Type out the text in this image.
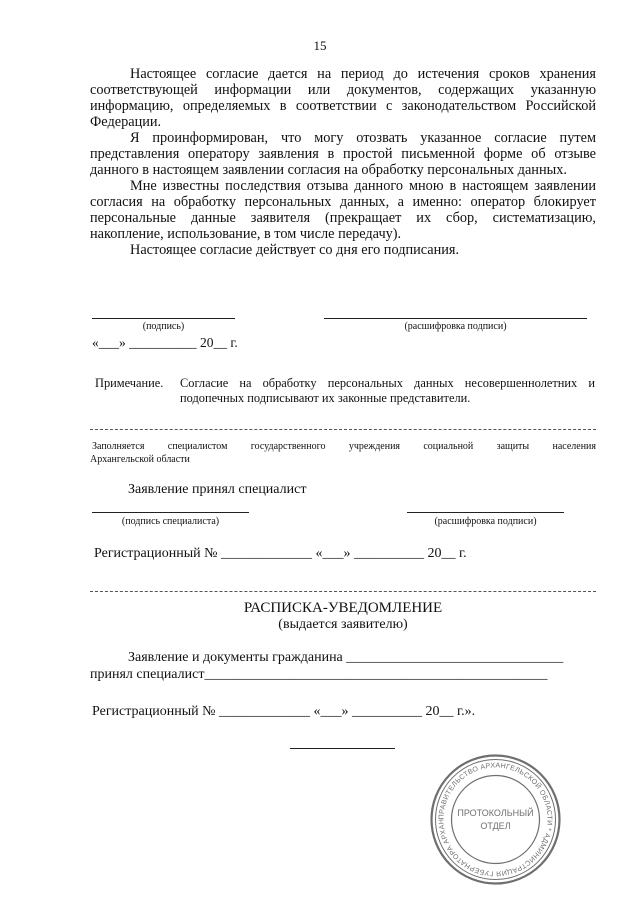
15

Настоящее согласие дается на период до истечения сроков хранения соответствующей информации или документов, содержащих указанную информацию, определяемых в соответствии с законодательством Российской Федерации.

Я проинформирован, что могу отозвать указанное согласие путем представления оператору заявления в простой письменной форме об отзыве данного в настоящем заявлении согласия на обработку персональных данных.

Мне известны последствия отзыва данного мною в настоящем заявлении согласия на обработку персональных данных, а именно: оператор блокирует персональные данные заявителя (прекращает их сбор, систематизацию, накопление, использование, в том числе передачу).

Настоящее согласие действует со дня его подписания.

(подпись)	(расшифровка подписи)
«___» __________ 20__ г.
Примечание.	Согласие на обработку персональных данных несовершеннолетних и подопечных подписывают их законные представители.
Заполняется специалистом государственного учреждения социальной защиты населения
Архангельской области
Заявление принял специалист
(подпись специалиста)	(расшифровка подписи)
Регистрационный № _____________ «___» __________ 20__ г.
РАСПИСКА-УВЕДОМЛЕНИЕ
(выдается заявителю)
Заявление и документы гражданина _______________________________
принял специалист_________________________________________________
Регистрационный № _____________ «___» __________ 20__ г.».
ПРАВИТЕЛЬСТВО АРХАНГЕЛЬСКОЙ ОБЛАСТИ * АДМИНИСТРАЦИЯ ГУБЕРНАТОРА АРХАН
ПРОТОКОЛЬНЫЙ
ОТДЕЛ
